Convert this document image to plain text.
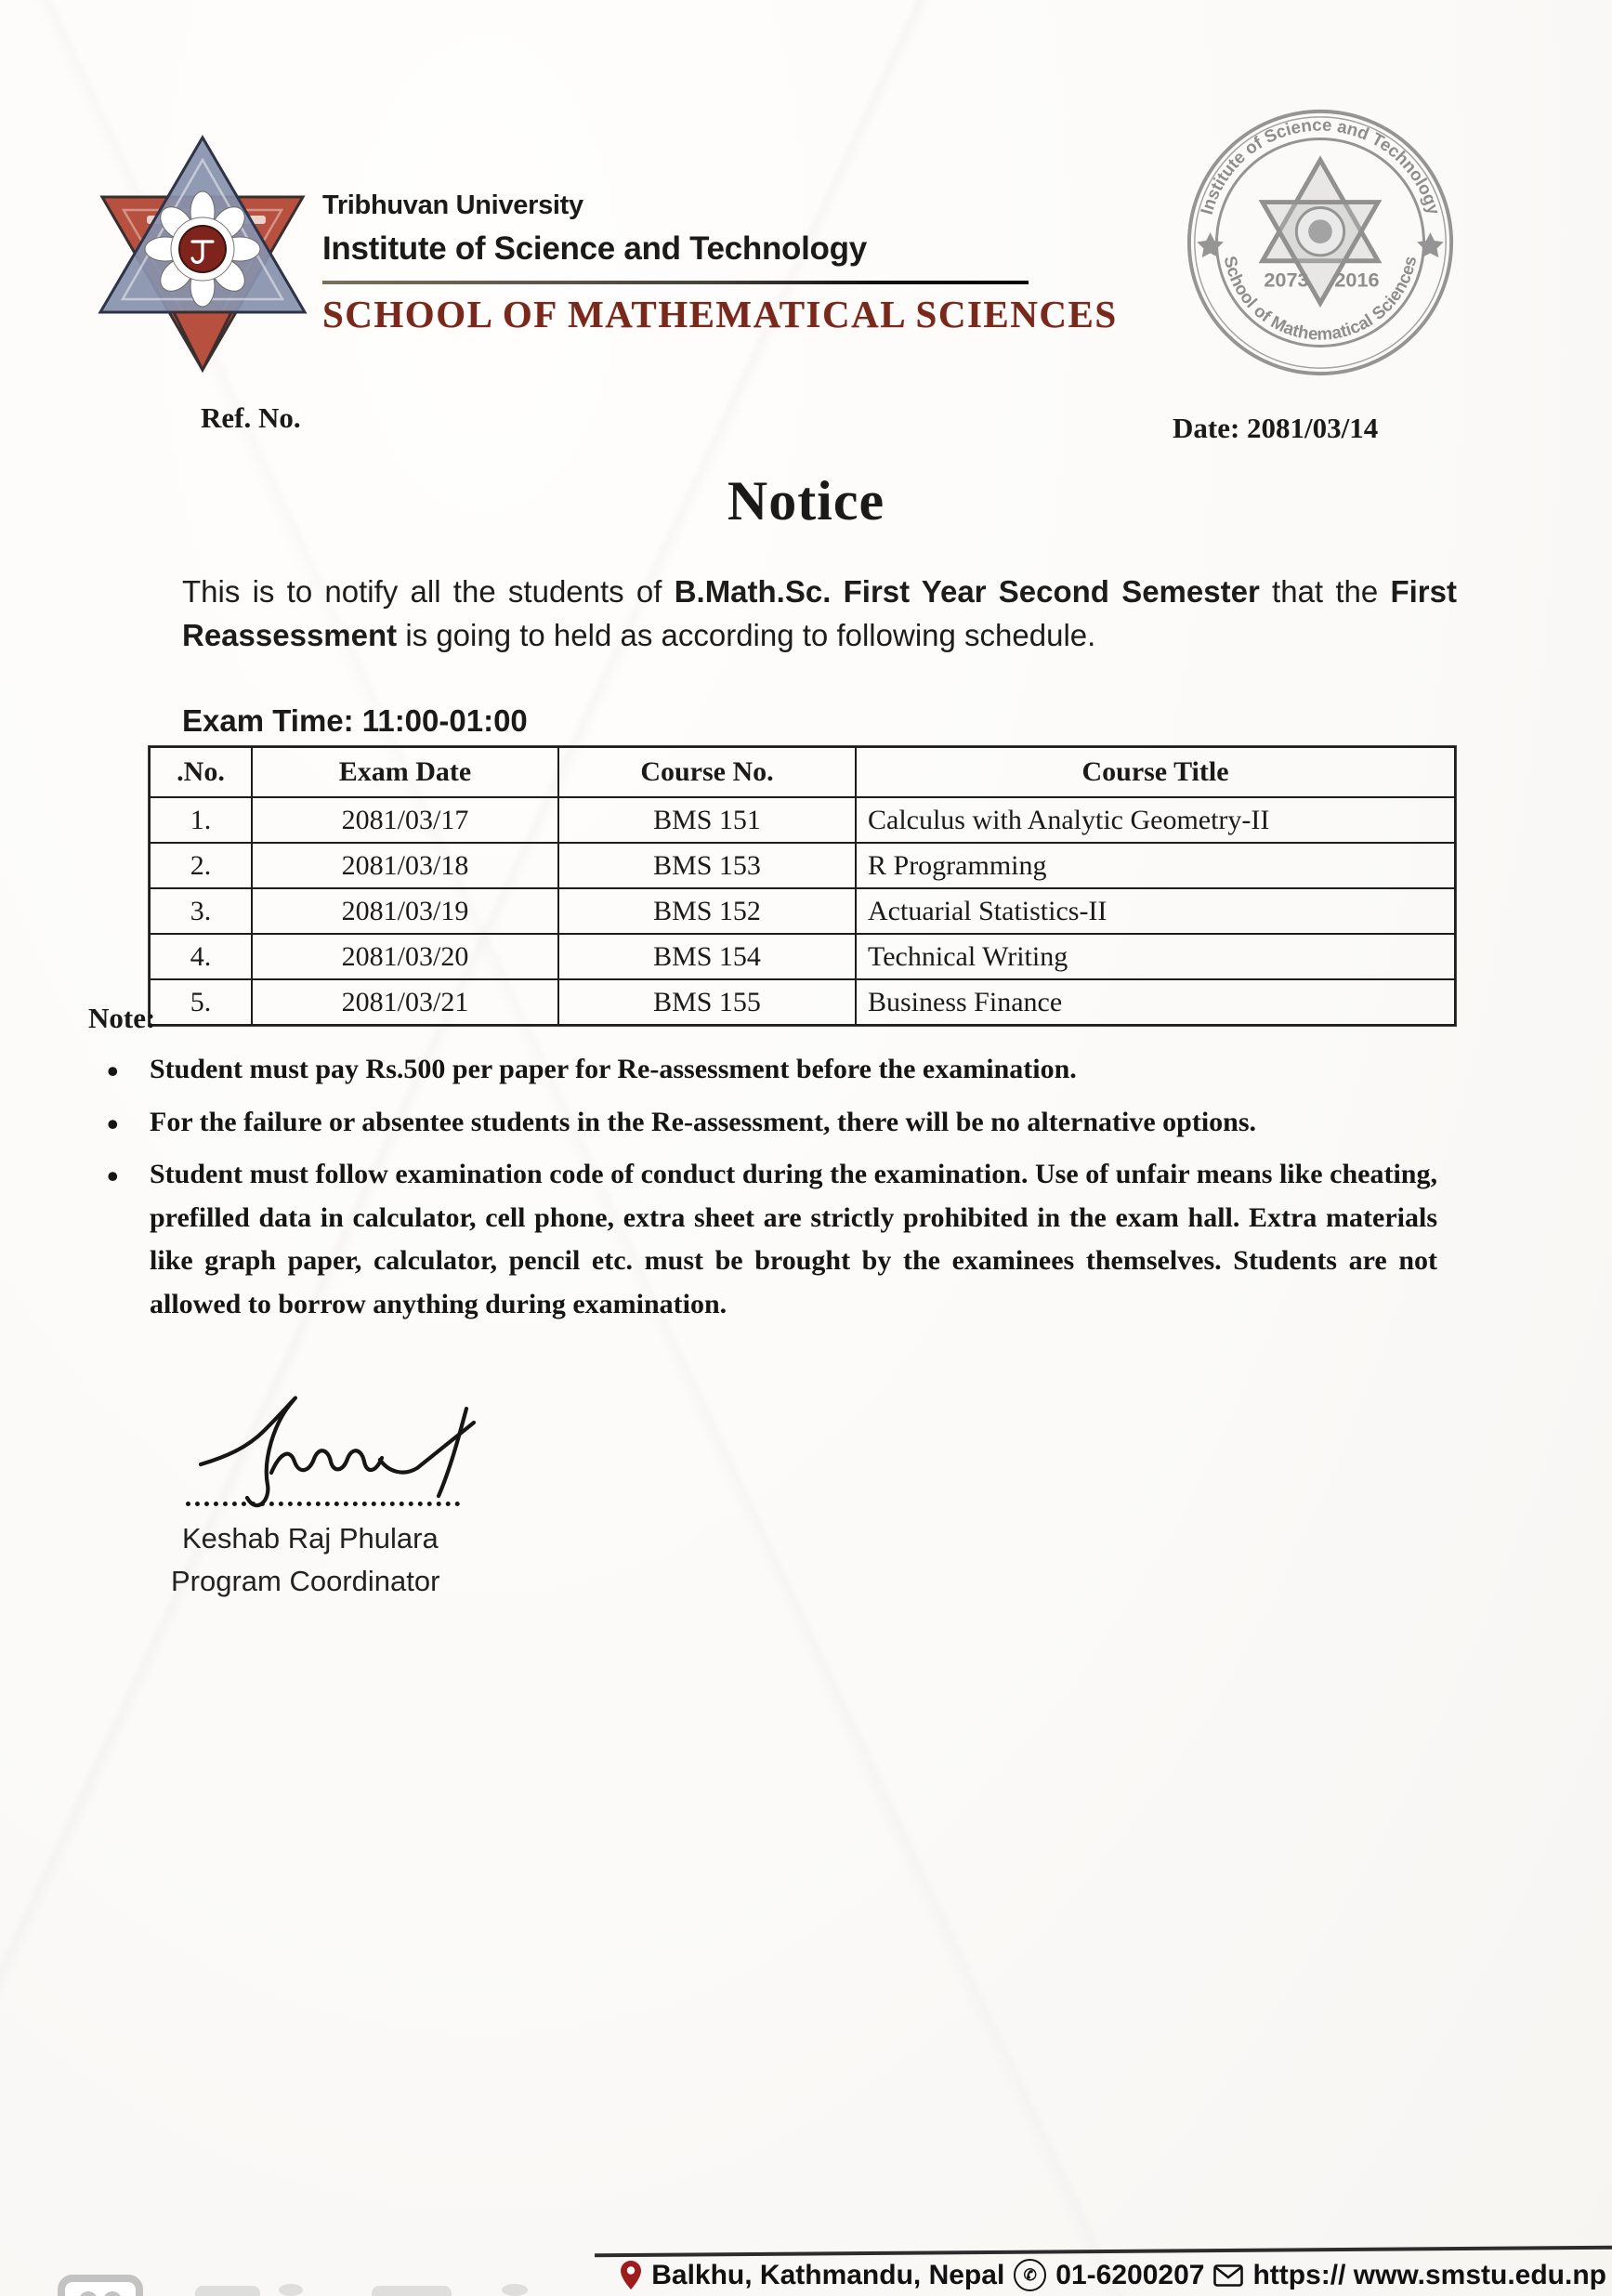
Tribhuvan University
Institute of Science and Technology
SCHOOL OF MATHEMATICAL SCIENCES
Institute of Science and Technology
School of Mathematical Sciences
2073 2016
Ref. No.	Date: 2081/03/14
Notice
This is to notify all the students of B.Math.Sc. First Year Second Semester that the First Reassessment is going to held as according to following schedule.
Exam Time: 11:00-01:00
.No.	Exam Date	Course No.	Course Title
1.	2081/03/17	BMS 151	Calculus with Analytic Geometry-II
2.	2081/03/18	BMS 153	R Programming
3.	2081/03/19	BMS 152	Actuarial Statistics-II
4.	2081/03/20	BMS 154	Technical Writing
5.	2081/03/21	BMS 155	Business Finance

Note:

• Student must pay Rs.500 per paper for Re-assessment before the examination.
• For the failure or absentee students in the Re-assessment, there will be no alternative options.
• Student must follow examination code of conduct during the examination. Use of unfair means like cheating, prefilled data in calculator, cell phone, extra sheet are strictly prohibited in the exam hall. Extra materials like graph paper, calculator, pencil etc. must be brought by the examinees themselves. Students are not allowed to borrow anything during examination.
Keshab Raj Phulara
Program Coordinator
Balkhu, Kathmandu, Nepal	✆ 01-6200207 https:// www.smstu.edu.np
